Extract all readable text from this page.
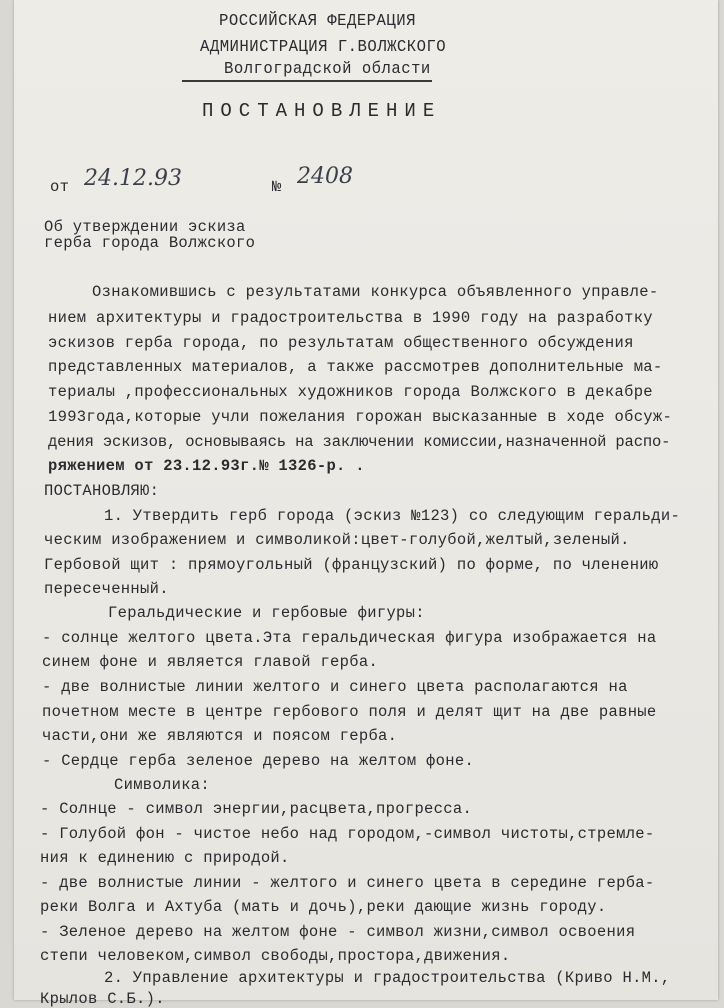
РОССИЙСКАЯ ФЕДЕРАЦИЯ
АДМИНИСТРАЦИЯ Г.ВОЛЖСКОГО
Волгоградской области
ПОСТАНОВЛЕНИЕ
от 24.12.93	№ 2408
Об утверждении эскиза
герба города Волжского
Ознакомившись с результатами конкурса объявленного управле-
нием архитектуры и градостроительства в 1990 году на разработку
эскизов герба города, по результатам общественного обсуждения
представленных материалов, а также рассмотрев дополнительные ма-
териалы ,профессиональных художников города Волжского в декабре
1993года,которые учли пожелания горожан высказанные в ходе обсуж-
дения эскизов, основываясь на заключении комиссии,назначенной распо-
ряжением от 23.12.93г.№ 1326-р. .
ПОСТАНОВЛЯЮ:
1. Утвердить герб города (эскиз №123) со следующим геральди-
ческим изображением и символикой:цвет-голубой,желтый,зеленый.
Гербовой щит : прямоугольный (французский) по форме, по членению
пересеченный.
Геральдические и гербовые фигуры:
- солнце желтого цвета.Эта геральдическая фигура изображается на
синем фоне и является главой герба.
- две волнистые линии желтого и синего цвета располагаются на
почетном месте в центре гербового поля и делят щит на две равные
части,они же являются и поясом герба.
- Сердце герба зеленое дерево на желтом фоне.
Символика:
- Солнце - символ энергии,расцвета,прогресса.
- Голубой фон - чистое небо над городом,-символ чистоты,стремле-
ния к единению с природой.
- две волнистые линии - желтого и синего цвета в середине герба-
реки Волга и Ахтуба (мать и дочь),реки дающие жизнь городу.
- Зеленое дерево на желтом фоне - символ жизни,символ освоения
степи человеком,символ свободы,простора,движения.
2. Управление архитектуры и градостроительства (Криво Н.М.,
Крылов С.Б.).
